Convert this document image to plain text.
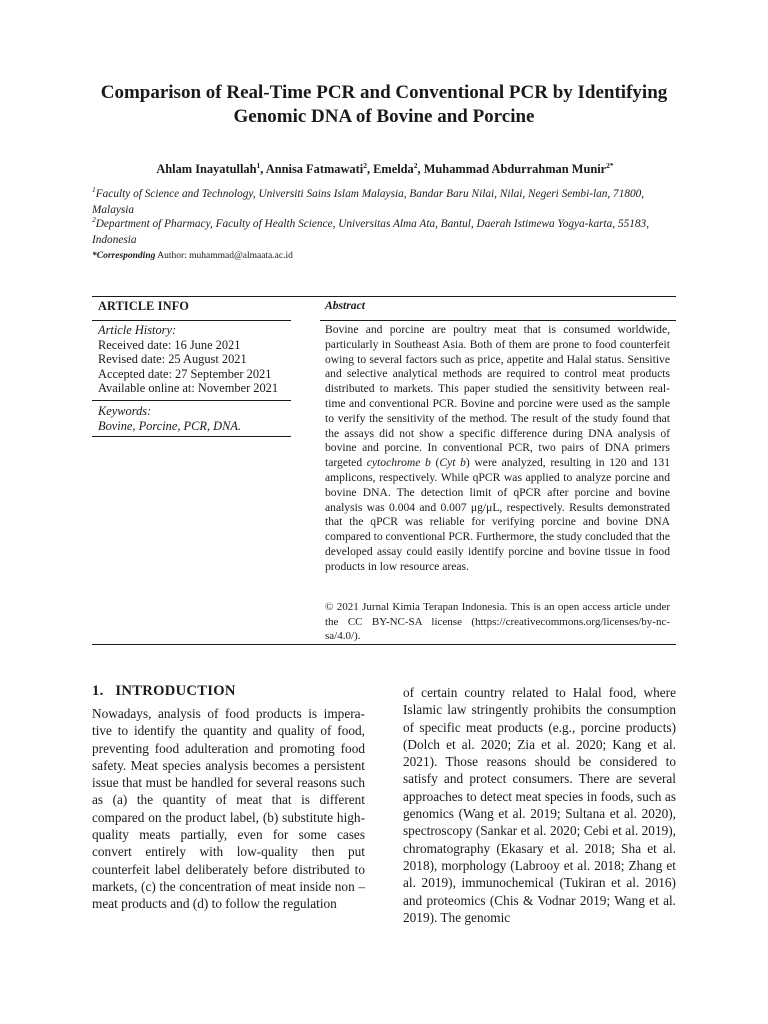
Comparison of Real-Time PCR and Conventional PCR by Identifying Genomic DNA of Bovine and Porcine
Ahlam Inayatullah$^1$, Annisa Fatmawati$^2$, Emelda$^2$, Muhammad Abdurrahman Munir$^{2*}$
$^1$Faculty of Science and Technology, Universiti Sains Islam Malaysia, Bandar Baru Nilai, Nilai, Negeri Sembi-lan, 71800, Malaysia
$^2$Department of Pharmacy, Faculty of Health Science, Universitas Alma Ata, Bantul, Daerah Istimewa Yogya-karta, 55183, Indonesia
*Corresponding Author: muhammad@almaata.ac.id
ARTICLE INFO	Abstract
Article History:
Received date: 16 June 2021
Revised date: 25 August 2021
Accepted date: 27 September 2021
Available online at: November 2021
Keywords:
Bovine, Porcine, PCR, DNA.
Bovine and porcine are poultry meat that is consumed worldwide, particularly in Southeast Asia. Both of them are prone to food counterfeit owing to several factors such as price, appetite and Halal status. Sensitive and selective analytical methods are required to control meat products distributed to markets. This paper studied the sensitivity between real-time and conventional PCR. Bovine and porcine were used as the sample to verify the sensitivity of the method. The result of the study found that the assays did not show a specific difference during DNA analysis of bovine and porcine. In conventional PCR, two pairs of DNA primers targeted cytochrome b (Cyt b) were analyzed, resulting in 120 and 131 amplicons, respectively. While qPCR was applied to analyze porcine and bovine DNA. The detection limit of qPCR after porcine and bovine analysis was 0.004 and 0.007 μg/μL, respectively. Results demonstrated that the qPCR was reliable for verifying porcine and bovine DNA compared to conventional PCR. Furthermore, the study concluded that the developed assay could easily identify porcine and bovine tissue in food products in low resource areas.
© 2021 Jurnal Kimia Terapan Indonesia. This is an open access article under the CC BY-NC-SA license (https://creativecommons.org/licenses/by-nc-sa/4.0/).
1.   INTRODUCTION
Nowadays, analysis of food products is impera-tive to identify the quantity and quality of food, preventing food adulteration and promoting food safety. Meat species analysis becomes a persistent issue that must be handled for several reasons such as (a) the quantity of meat that is different compared on the product label, (b) substitute high-quality meats partially, even for some cases convert entirely with low-quality then put counterfeit label deliberately before distributed to markets, (c) the concentration of meat inside non – meat products and (d) to follow the regulation
of certain country related to Halal food, where Islamic law stringently prohibits the consumption of specific meat products (e.g., porcine products) (Dolch et al. 2020; Zia et al. 2020; Kang et al. 2021). Those reasons should be considered to satisfy and protect consumers. There are several approaches to detect meat species in foods, such as genomics (Wang et al. 2019; Sultana et al. 2020), spectroscopy (Sankar et al. 2020; Cebi et al. 2019), chromatography (Ekasary et al. 2018; Sha et al. 2018), morphology (Labrooy et al. 2018; Zhang et al. 2019), immunochemical (Tukiran et al. 2016) and proteomics (Chis & Vodnar 2019; Wang et al. 2019). The genomic
